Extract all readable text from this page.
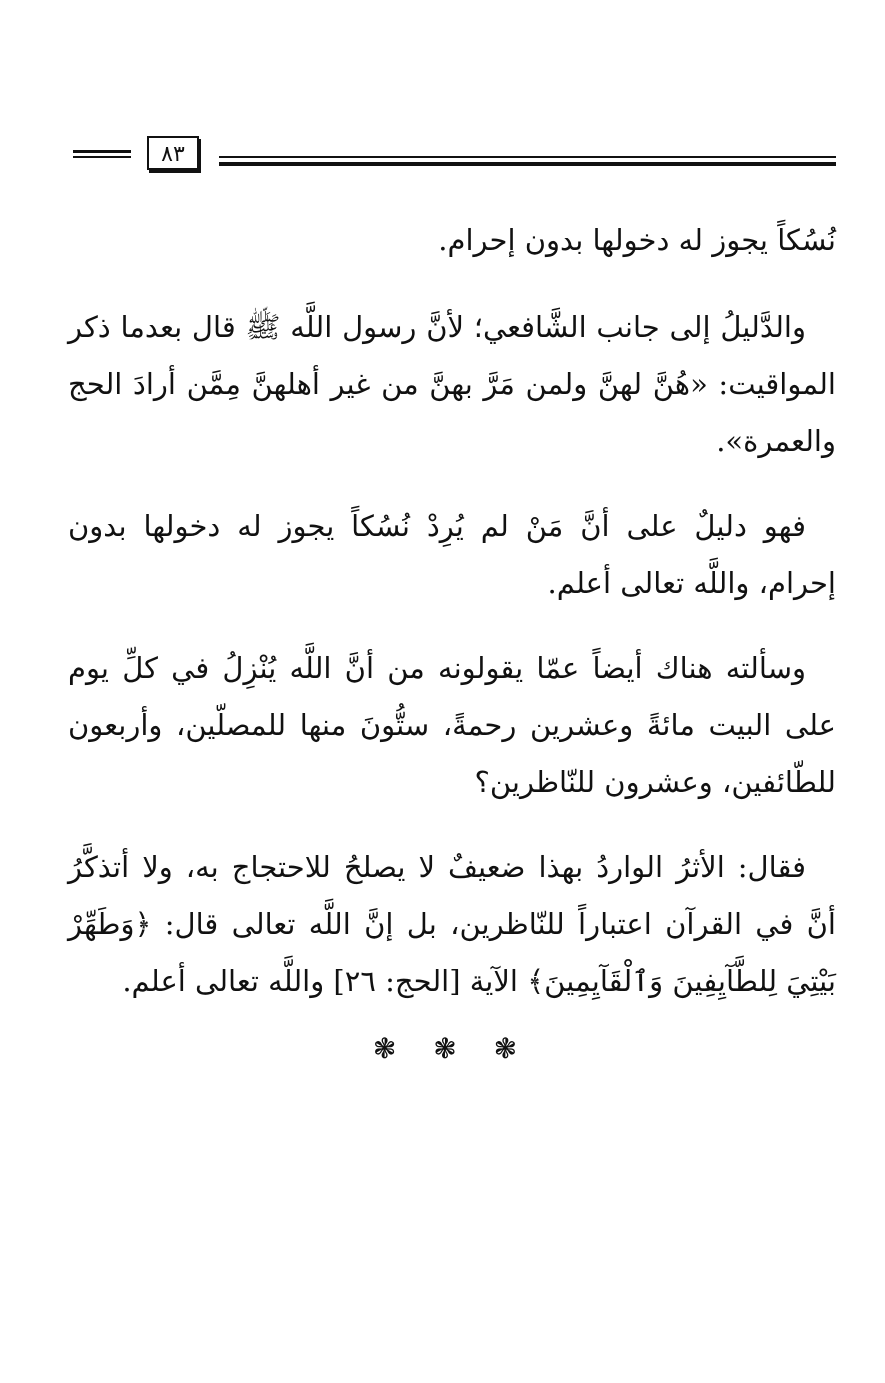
٨٣

نُسُكاً يجوز له دخولها بدون إحرام.

والدَّليلُ إلى جانب الشَّافعي؛ لأنَّ رسول اللَّه ﷺ قال بعدما ذكر المواقيت: «هُنَّ لهنَّ ولمن مَرَّ بهنَّ من غير أهلهنَّ مِمَّن أرادَ الحج والعمرة».

فهو دليلٌ على أنَّ مَنْ لم يُرِدْ نُسُكاً يجوز له دخولها بدون إحرام، واللَّه تعالى أعلم.

وسألته هناك أيضاً عمّا يقولونه من أنَّ اللَّه يُنْزِلُ في كلِّ يوم على البيت مائةً وعشرين رحمةً، ستُّونَ منها للمصلّين، وأربعون للطّائفين، وعشرون للنّاظرين؟

فقال: الأثرُ الواردُ بهذا ضعيفٌ لا يصلحُ للاحتجاج به، ولا أتذكَّرُ أنَّ في القرآن اعتباراً للنّاظرين، بل إنَّ اللَّه تعالى قال: ﴿وَطَهِّرْ بَيْتِيَ لِلطَّآيِفِينَ وَٱلْقَآيِمِينَ﴾ الآية [الحج: ٢٦] واللَّه تعالى أعلم.

❃ ❃ ❃
